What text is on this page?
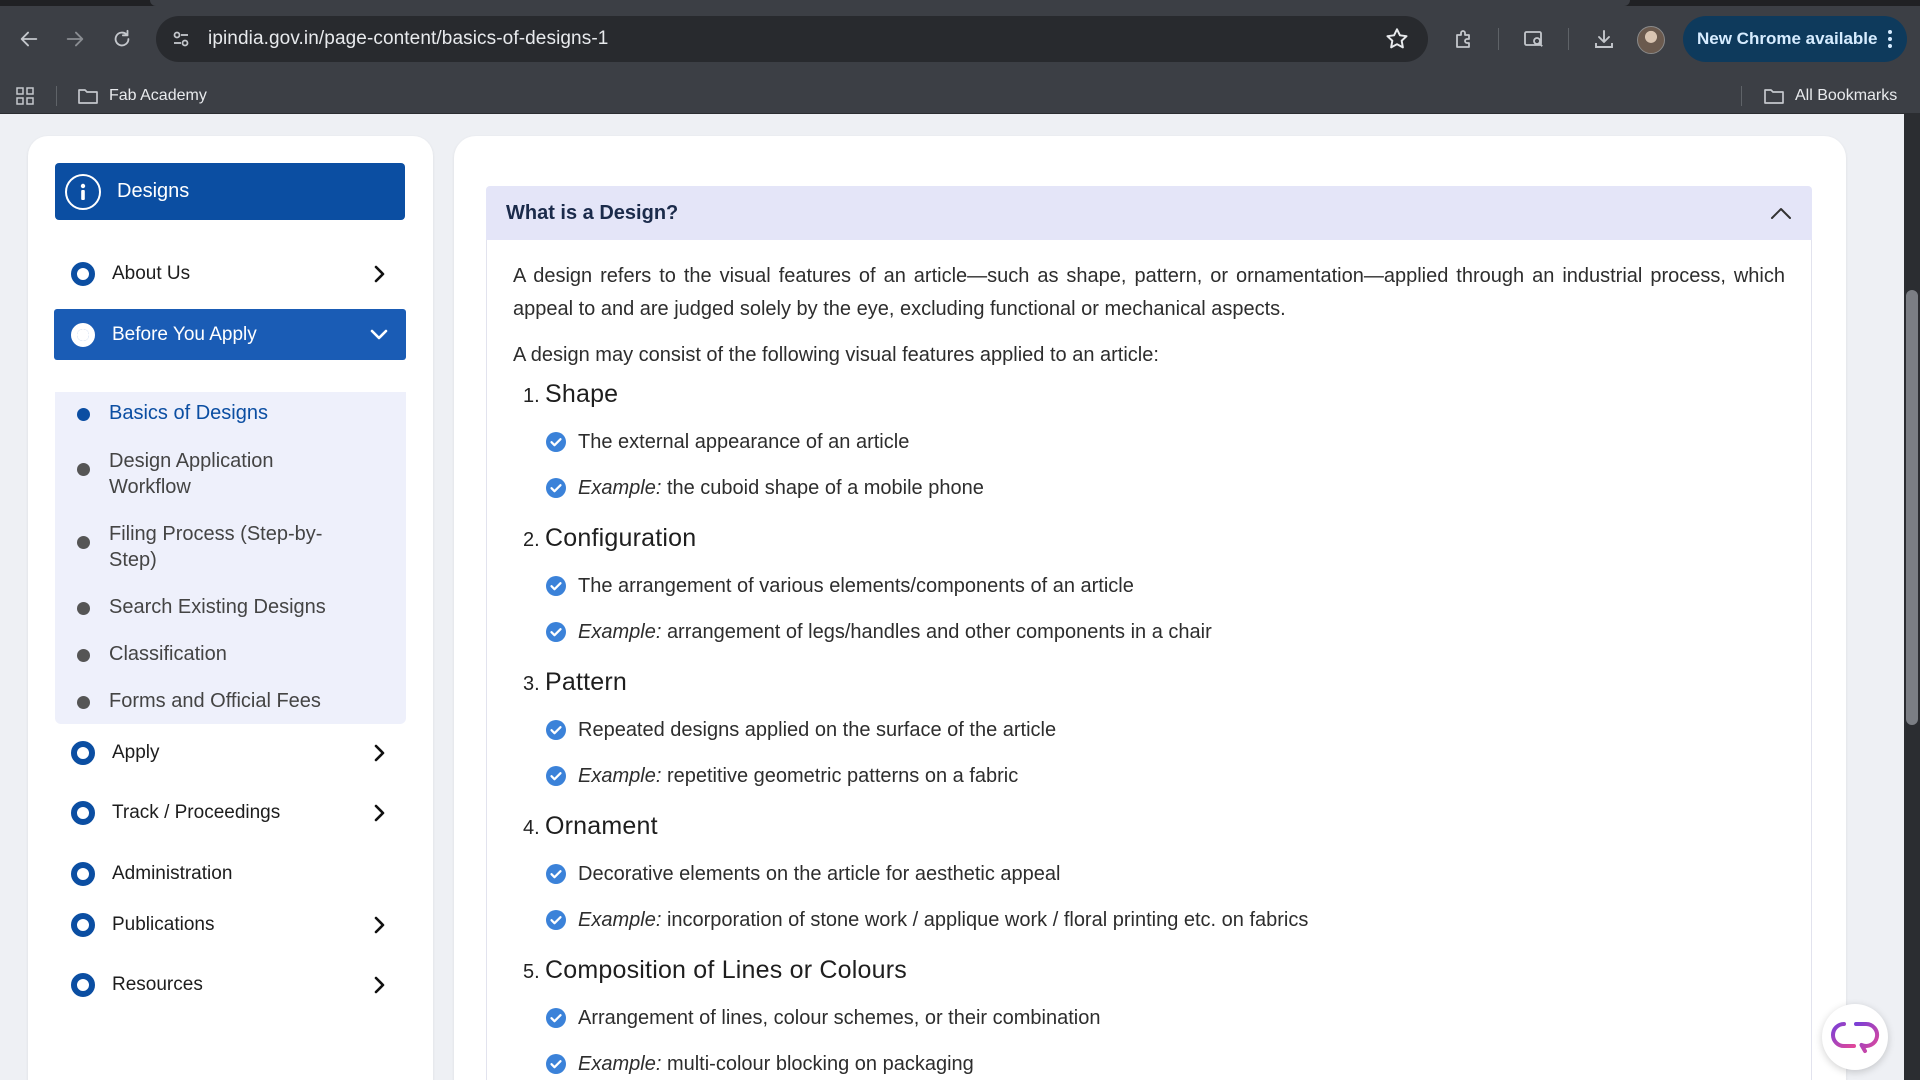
ipindia.gov.in/page-content/basics-of-designs-1	New Chrome available
Fab Academy	All Bookmarks
Designs
About Us
Before You Apply
Basics of Designs
Design Application Workflow
Filing Process (Step-by-Step)
Search Existing Designs
Classification
Forms and Official Fees
Apply
Track / Proceedings
Administration
Publications
Resources
What is a Design?

A design refers to the visual features of an article—such as shape, pattern, or ornamentation—applied through an industrial process, which appeal to and are judged solely by the eye, excluding functional or mechanical aspects.

A design may consist of the following visual features applied to an article:

1. Shape
The external appearance of an article
Example: the cuboid shape of a mobile phone
2. Configuration
The arrangement of various elements/components of an article
Example: arrangement of legs/handles and other components in a chair
3. Pattern
Repeated designs applied on the surface of the article
Example: repetitive geometric patterns on a fabric
4. Ornament
Decorative elements on the article for aesthetic appeal
Example: incorporation of stone work / applique work / floral printing etc. on fabrics
5. Composition of Lines or Colours
Arrangement of lines, colour schemes, or their combination
Example: multi-colour blocking on packaging
